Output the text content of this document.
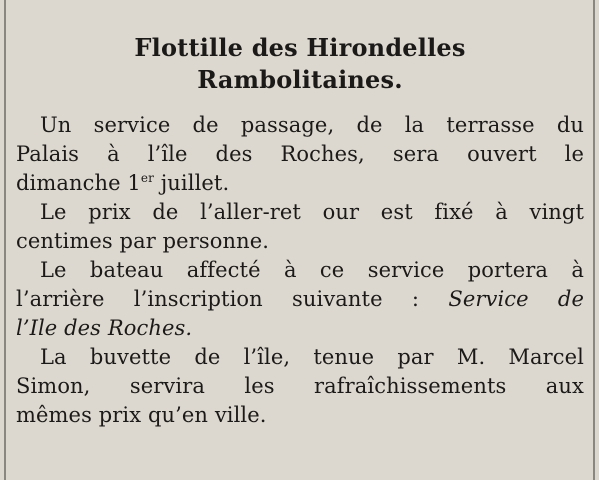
Flottille des Hirondelles
Rambolitaines.

Un service de passage, de la terrasse du
Palais à l’île des Roches, sera ouvert le
dimanche 1er juillet.

Le prix de l’aller-ret our est fixé à vingt
centimes par personne.

Le bateau affecté à ce service portera à
l’arrière l’inscription suivante : Service de
l’Ile des Roches.

La buvette de l’île, tenue par M. Marcel
Simon, servira les rafraîchissements aux
mêmes prix qu’en ville.
